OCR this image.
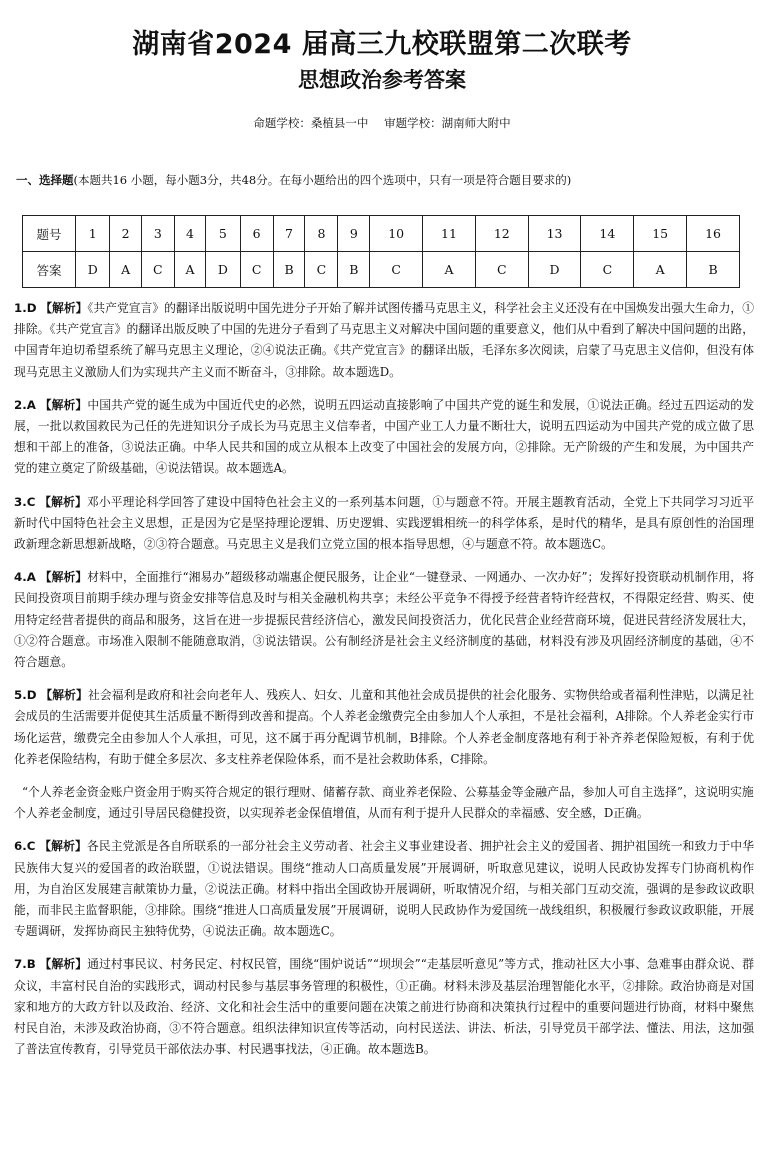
湖南省2024 届高三九校联盟第二次联考
思想政治参考答案
命题学校：桑植县一中 审题学校：湖南师大附中
一、选择题(本题共16 小题，每小题3分，共48分。在每小题给出的四个选项中，只有一项是符合题目要求的)
题号	1	2	3	4	5	6	7	8	9	10	11	12	13	14	15	16
答案	D	A	C	A	D	C	B	C	B	C	A	C	D	C	A	B
1.D 【解析】《共产党宣言》的翻译出版说明中国先进分子开始了解并试图传播马克思主义，科学社会主义还没有在中国焕发出强大生命力，①排除。《共产党宣言》的翻译出版反映了中国的先进分子看到了马克思主义对解决中国问题的重要意义，他们从中看到了解决中国问题的出路，中国青年迫切希望系统了解马克思主义理论，②④说法正确。《共产党宣言》的翻译出版，毛泽东多次阅读，启蒙了马克思主义信仰，但没有体现马克思主义激励人们为实现共产主义而不断奋斗，③排除。故本题选D。
2.A 【解析】中国共产党的诞生成为中国近代史的必然，说明五四运动直接影响了中国共产党的诞生和发展，①说法正确。经过五四运动的发展，一批以救国救民为己任的先进知识分子成长为马克思主义信奉者，中国产业工人力量不断壮大，说明五四运动为中国共产党的成立做了思想和干部上的准备，③说法正确。中华人民共和国的成立从根本上改变了中国社会的发展方向，②排除。无产阶级的产生和发展，为中国共产党的建立奠定了阶级基础，④说法错误。故本题选A。
3.C 【解析】邓小平理论科学回答了建设中国特色社会主义的一系列基本问题，①与题意不符。开展主题教育活动，全党上下共同学习习近平新时代中国特色社会主义思想，正是因为它是坚持理论逻辑、历史逻辑、实践逻辑相统一的科学体系，是时代的精华，是具有原创性的治国理政新理念新思想新战略，②③符合题意。马克思主义是我们立党立国的根本指导思想，④与题意不符。故本题选C。
4.A 【解析】材料中，全面推行“湘易办”超级移动端惠企便民服务，让企业“一键登录、一网通办、一次办好”；发挥好投资联动机制作用，将民间投资项目前期手续办理与资金安排等信息及时与相关金融机构共享；未经公平竞争不得授予经营者特许经营权，不得限定经营、购买、使用特定经营者提供的商品和服务，这旨在进一步提振民营经济信心，激发民间投资活力，优化民营企业经营商环境，促进民营经济发展壮大，①②符合题意。市场准入限制不能随意取消，③说法错误。公有制经济是社会主义经济制度的基础，材料没有涉及巩固经济制度的基础，④不符合题意。
5.D 【解析】社会福利是政府和社会向老年人、残疾人、妇女、儿童和其他社会成员提供的社会化服务、实物供给或者福利性津贴，以满足社会成员的生活需要并促使其生活质量不断得到改善和提高。个人养老金缴费完全由参加人个人承担，不是社会福利，A排除。个人养老金实行市场化运营，缴费完全由参加人个人承担，可见，这不属于再分配调节机制，B排除。个人养老金制度落地有利于补齐养老保险短板，有利于优化养老保险结构，有助于健全多层次、多支柱养老保险体系，而不是社会救助体系，C排除。
“个人养老金资金账户资金用于购买符合规定的银行理财、储蓄存款、商业养老保险、公募基金等金融产品，参加人可自主选择”，这说明实施个人养老金制度，通过引导居民稳健投资，以实现养老金保值增值，从而有利于提升人民群众的幸福感、安全感，D正确。
6.C 【解析】各民主党派是各自所联系的一部分社会主义劳动者、社会主义事业建设者、拥护社会主义的爱国者、拥护祖国统一和致力于中华民族伟大复兴的爱国者的政治联盟，①说法错误。围绕“推动人口高质量发展”开展调研，听取意见建议，说明人民政协发挥专门协商机构作用，为自治区发展建言献策协力量，②说法正确。材料中指出全国政协开展调研，听取情况介绍，与相关部门互动交流，强调的是参政议政职能，而非民主监督职能，③排除。围绕“推进人口高质量发展”开展调研，说明人民政协作为爱国统一战线组织，积极履行参政议政职能，开展专题调研，发挥协商民主独特优势，④说法正确。故本题选C。
7.B 【解析】通过村事民议、村务民定、村权民管，围绕“围炉说话”“坝坝会”“走基层听意见”等方式，推动社区大小事、急难事由群众说、群众议，丰富村民自治的实践形式，调动村民参与基层事务管理的积极性，①正确。材料未涉及基层治理智能化水平，②排除。政治协商是对国家和地方的大政方针以及政治、经济、文化和社会生活中的重要问题在决策之前进行协商和决策执行过程中的重要问题进行协商，材料中聚焦村民自治，未涉及政治协商，③不符合题意。组织法律知识宣传等活动，向村民送法、讲法、析法，引导党员干部学法、懂法、用法，这加强了普法宣传教育，引导党员干部依法办事、村民遇事找法，④正确。故本题选B。
